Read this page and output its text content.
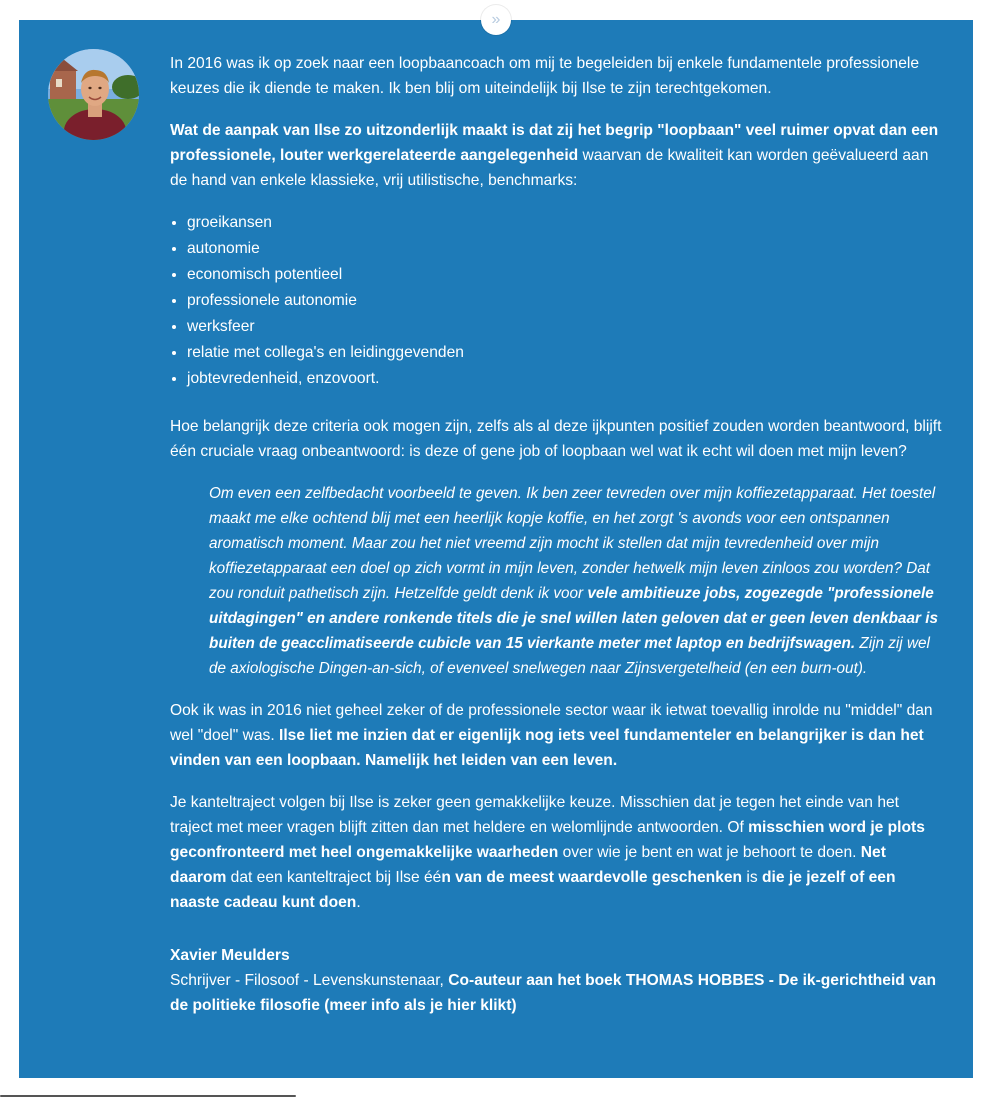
»

In 2016 was ik op zoek naar een loopbaancoach om mij te begeleiden bij enkele fundamentele professionele keuzes die ik diende te maken. Ik ben blij om uiteindelijk bij Ilse te zijn terechtgekomen.

Wat de aanpak van Ilse zo uitzonderlijk maakt is dat zij het begrip "loopbaan" veel ruimer opvat dan een professionele, louter werkgerelateerde aangelegenheid waarvan de kwaliteit kan worden geëvalueerd aan de hand van enkele klassieke, vrij utilistische, benchmarks:

• groeikansen
• autonomie
• economisch potentieel
• professionele autonomie
• werksfeer
• relatie met collega's en leidinggevenden
• jobtevredenheid, enzovoort.

Hoe belangrijk deze criteria ook mogen zijn, zelfs als al deze ijkpunten positief zouden worden beantwoord, blijft één cruciale vraag onbeantwoord: is deze of gene job of loopbaan wel wat ik echt wil doen met mijn leven?

Om even een zelfbedacht voorbeeld te geven. Ik ben zeer tevreden over mijn koffiezetapparaat. Het toestel maakt me elke ochtend blij met een heerlijk kopje koffie, en het zorgt 's avonds voor een ontspannen aromatisch moment. Maar zou het niet vreemd zijn mocht ik stellen dat mijn tevredenheid over mijn koffiezetapparaat een doel op zich vormt in mijn leven, zonder hetwelk mijn leven zinloos zou worden? Dat zou ronduit pathetisch zijn. Hetzelfde geldt denk ik voor vele ambitieuze jobs, zogezegde "professionele uitdagingen" en andere ronkende titels die je snel willen laten geloven dat er geen leven denkbaar is buiten de geacclimatiseerde cubicle van 15 vierkante meter met laptop en bedrijfswagen. Zijn zij wel de axiologische Dingen-an-sich, of evenveel snelwegen naar Zijnsvergetelheid (en een burn-out).

Ook ik was in 2016 niet geheel zeker of de professionele sector waar ik ietwat toevallig inrolde nu "middel" dan wel "doel" was. Ilse liet me inzien dat er eigenlijk nog iets veel fundamenteler en belangrijker is dan het vinden van een loopbaan. Namelijk het leiden van een leven.

Je kanteltraject volgen bij Ilse is zeker geen gemakkelijke keuze. Misschien dat je tegen het einde van het traject met meer vragen blijft zitten dan met heldere en welomlijnde antwoorden. Of misschien word je plots geconfronteerd met heel ongemakkelijke waarheden over wie je bent en wat je behoort te doen. Net daarom dat een kanteltraject bij Ilse één van de meest waardevolle geschenken is die je jezelf of een naaste cadeau kunt doen.

Xavier Meulders
Schrijver - Filosoof - Levenskunstenaar, Co-auteur aan het boek THOMAS HOBBES - De ik-gerichtheid van de politieke filosofie (meer info als je hier klikt)
